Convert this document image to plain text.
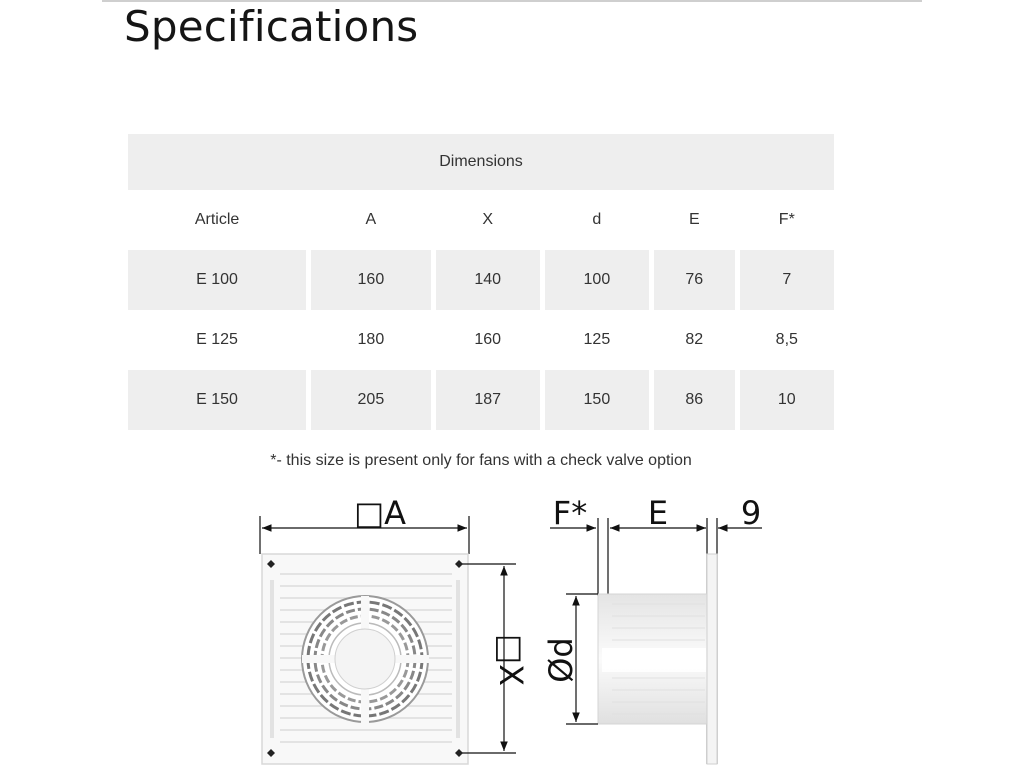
Specifications
Dimensions					
Article	A	X	d	E	F*
E 100	160	140	100	76	7
E 125	180	160	125	82	8,5
E 150	205	187	150	86	10
*- this size is present only for fans with a check valve option
□A
□X
F* E 9
Ød
